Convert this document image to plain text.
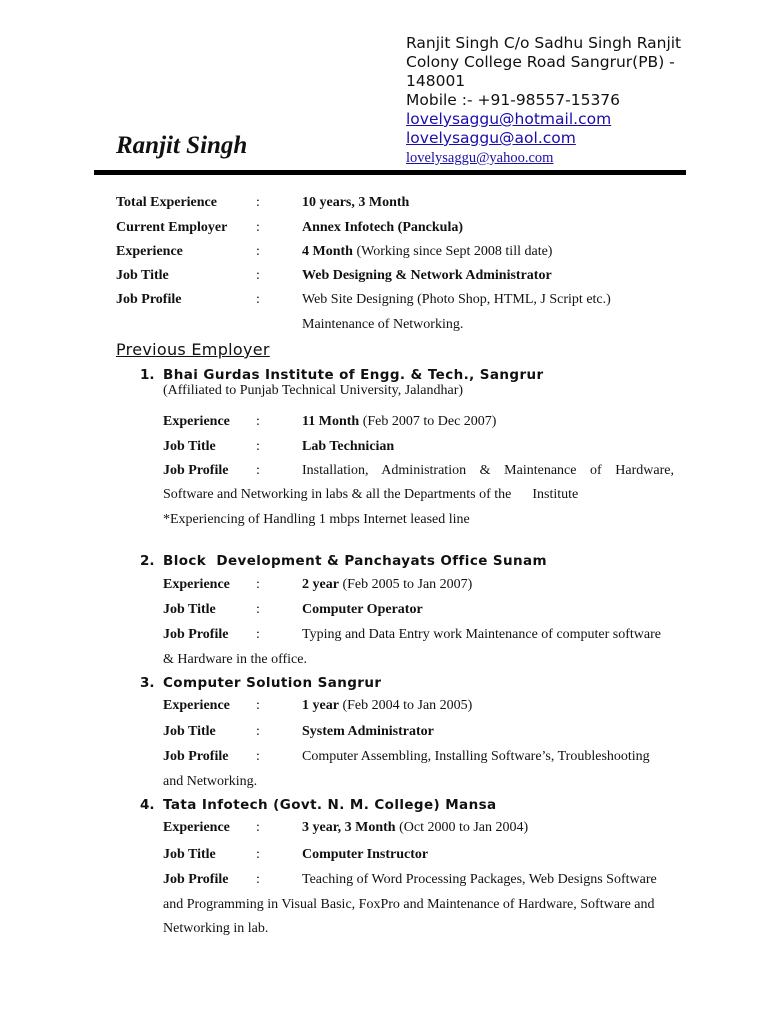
Ranjit Singh C/o Sadhu Singh Ranjit
Colony College Road Sangrur(PB) -
148001
Mobile :- +91-98557-15376
lovelysaggu@hotmail.com
lovelysaggu@aol.com
lovelysaggu@yahoo.com
Ranjit Singh
Total Experience	:	10 years, 3 Month
Current Employer :	Annex Infotech (Panckula)
Experience	:	4 Month (Working since Sept 2008 till date)
Job Title	:	Web Designing & Network Administrator
Job Profile	:	Web Site Designing (Photo Shop, HTML, J Script etc.)
Maintenance of Networking.
Previous Employer
1. Bhai Gurdas Institute of Engg. & Tech., Sangrur
(Affiliated to Punjab Technical University, Jalandhar)
Experience :	11 Month (Feb 2007 to Dec 2007)
Job Title	:	Lab Technician
Job Profile :	Installation, Administration & Maintenance of Hardware,
Software and Networking in labs & all the Departments of the      Institute
*Experiencing of Handling 1 mbps Internet leased line
2. Block  Development & Panchayats Office Sunam
Experience :	2 year (Feb 2005 to Jan 2007)
Job Title	:	Computer Operator
Job Profile :	Typing and Data Entry work Maintenance of computer software
& Hardware in the office.
3. Computer Solution Sangrur
Experience :	1 year (Feb 2004 to Jan 2005)
Job Title	:	System Administrator
Job Profile :	Computer Assembling, Installing Software’s, Troubleshooting
and Networking.
4. Tata Infotech (Govt. N. M. College) Mansa
Experience :	3 year, 3 Month (Oct 2000 to Jan 2004)
Job Title	:	Computer Instructor
Job Profile :	Teaching of Word Processing Packages, Web Designs Software
and Programming in Visual Basic, FoxPro and Maintenance of Hardware, Software and
Networking in lab.
